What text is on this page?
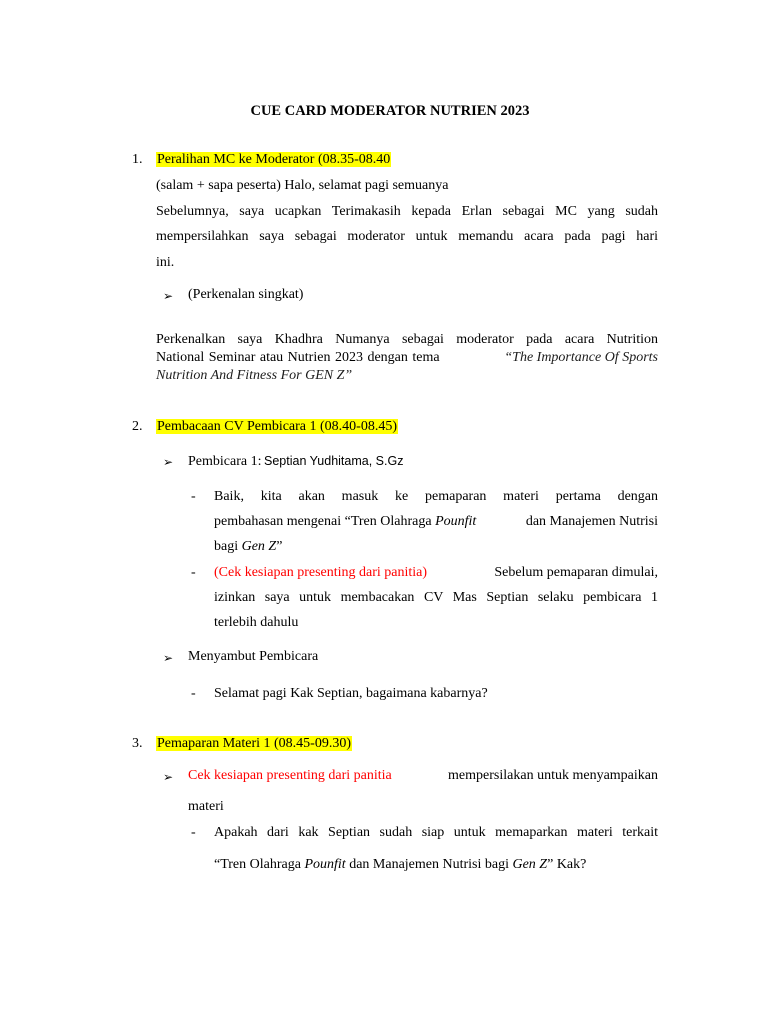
CUE CARD MODERATOR NUTRIEN 2023
1. Peralihan MC ke Moderator (08.35-08.40
(salam + sapa peserta) Halo, selamat pagi semuanya
Sebelumnya, saya ucapkan Terimakasih kepada Erlan sebagai MC yang sudah
mempersilahkan saya sebagai moderator untuk memandu acara pada pagi hari
ini.
➢ (Perkenalan singkat)
Perkenalkan saya Khadhra Numanya sebagai moderator pada acara Nutrition
National Seminar atau Nutrien 2023 dengan tema	“The Importance Of Sports
Nutrition And Fitness For GEN Z”
2. Pembacaan CV Pembicara 1 (08.40-08.45)
➢ Pembicara 1: Septian Yudhitama, S.Gz
- Baik, kita akan masuk ke pemaparan materi pertama dengan
pembahasan mengenai “Tren Olahraga Pounfit	dan Manajemen Nutrisi
bagi Gen Z”
- (Cek kesiapan presenting dari panitia)	Sebelum pemaparan dimulai,
izinkan saya untuk membacakan CV Mas Septian selaku pembicara 1
terlebih dahulu
➢ Menyambut Pembicara
- Selamat pagi Kak Septian, bagaimana kabarnya?
3. Pemaparan Materi 1 (08.45-09.30)
➢ Cek kesiapan presenting dari panitia	mempersilakan untuk menyampaikan
materi
- Apakah dari kak Septian sudah siap untuk memaparkan materi terkait
“Tren Olahraga Pounfit dan Manajemen Nutrisi bagi Gen Z” Kak?
